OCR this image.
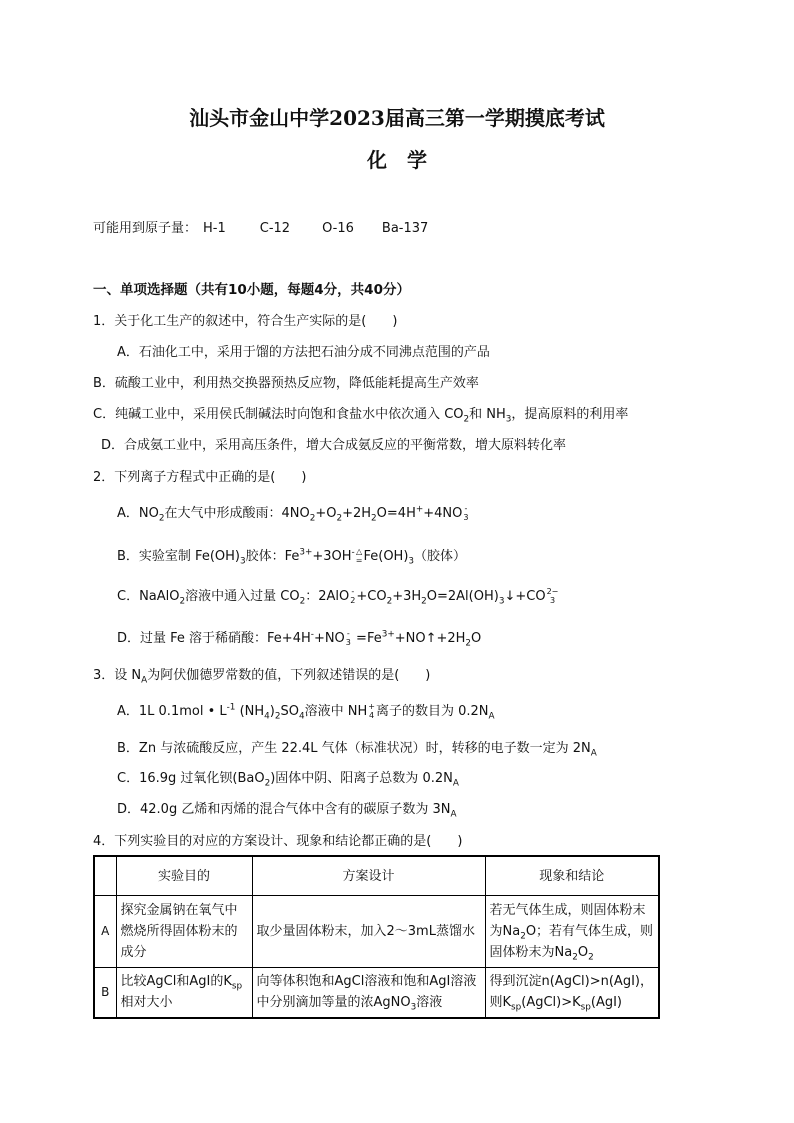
汕头市金山中学2023届高三第一学期摸底考试
化　学
可能用到原子量： H-1	C-12 O-16 Ba-137
一、单项选择题（共有10小题，每题4分，共40分）
1．关于化工生产的叙述中，符合生产实际的是(　　)
A．石油化工中，采用于馏的方法把石油分成不同沸点范围的产品
B．硫酸工业中，利用热交换器预热反应物，降低能耗提高生产效率
C．纯碱工业中，采用侯氏制碱法时向饱和食盐水中依次通入 $CO_2$和 $NH_3$，提高原料的利用率
D．合成氨工业中，采用高压条件，增大合成氨反应的平衡常数，增大原料转化率
2．下列离子方程式中正确的是(　　)
A．$NO_2$在大气中形成酸雨：$4NO_2+O_2+2H_2O=4H^++4NO$ -
3
B．实验室制 $Fe(OH)_3$胶体：$Fe^{3+}+3OH^-$ △
= $Fe(OH)_3$（胶体）
C．NaAlO$_2$溶液中通入过量 $CO_2$：2AlO -
$2 +CO_2+3H_2O=2Al(OH)_3↓+CO$ 2−
3
D．过量 Fe 溶于稀硝酸：Fe+4H-+NO -
$3 =Fe^{3+}+NO↑+2H_2O$
3．设 $N_A$为阿伏伽德罗常数的值，下列叙述错误的是(　　)
A．1L 0.1mol • $L^{-1}$ $(NH_4)_2SO_4$溶液中 NH +
4 离子的数目为 $0.2N_A$
B．Zn 与浓硫酸反应，产生 22.4L 气体（标准状况）时，转移的电子数一定为 $2N_A$
C．16.9g 过氧化钡(BaO$_2$)固体中阴、阳离子总数为 $0.2N_A$
D．42.0g 乙烯和丙烯的混合气体中含有的碳原子数为 $3N_A$
4．下列实验目的对应的方案设计、现象和结论都正确的是(　　)
	实验目的	方案设计	现象和结论
A	探究金属钠在氧气中燃烧所得固体粉末的成分	取少量固体粉末，加入2～3mL蒸馏水	若无气体生成，则固体粉末为$Na_2O$；若有气体生成，则固体粉末为$Na_2O_2$
B	比较AgCl和AgI的$K_{sp}$相对大小	向等体积饱和AgCl溶液和饱和AgI溶液中分别滴加等量的浓AgNO$_3$溶液	得到沉淀n(AgCl)>n(AgI)，则$K_{sp}(AgCl)>K_{sp}(AgI)$
